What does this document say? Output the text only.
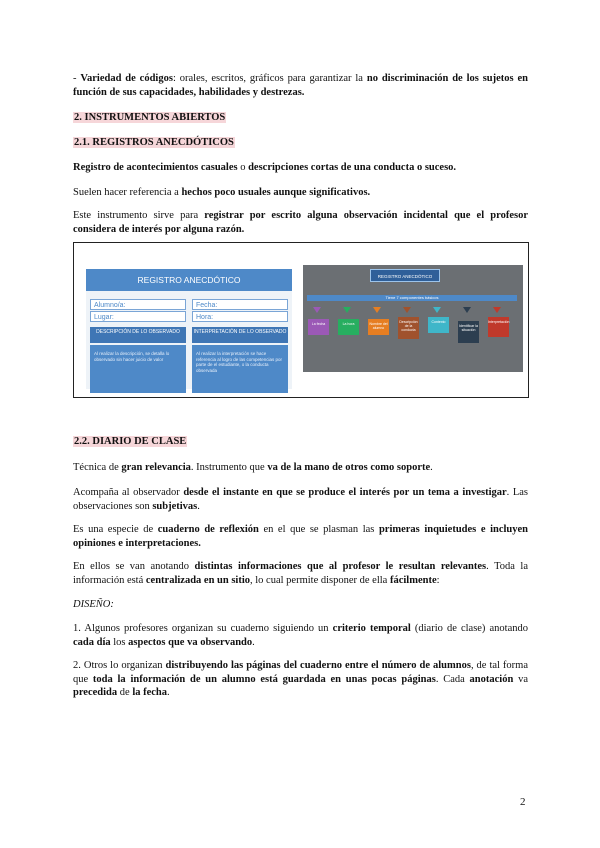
- Variedad de códigos: orales, escritos, gráficos para garantizar la no discriminación de los sujetos en función de sus capacidades, habilidades y destrezas.
2. INSTRUMENTOS ABIERTOS
2.1. REGISTROS ANECDÓTICOS
Registro de acontecimientos casuales o descripciones cortas de una conducta o suceso.
Suelen hacer referencia a hechos poco usuales aunque significativos.
Este instrumento sirve para registrar por escrito alguna observación incidental que el profesor considera de interés por alguna razón.
REGISTRO ANECDÓTICO
Alumno/a:	Fecha:
Lugar:	Hora:
DESCRIPCIÓN DE LO OBSERVADO	INTERPRETACIÓN DE LO OBSERVADO
Al realizar la descripción, se detalla lo observado sin hacer juicio de valor
Al realizar la interpretación se hace referencia al logro de las competencias por parte de el estudiante, o la conducta observada
REGISTRO ANECDÓTICO
Tiene 7 componentes básicos
La fecha	La hora	Nombre del alumno
Descripción de la conducta
Contexto
Identificar la situación
Interpretación
2.2. DIARIO DE CLASE
Técnica de gran relevancia. Instrumento que va de la mano de otros como soporte.
Acompaña al observador desde el instante en que se produce el interés por un tema a investigar. Las observaciones son subjetivas.
Es una especie de cuaderno de reflexión en el que se plasman las primeras inquietudes e incluyen opiniones e interpretaciones.
En ellos se van anotando distintas informaciones que al profesor le resultan relevantes. Toda la información está centralizada en un sitio, lo cual permite disponer de ella fácilmente:
DISEÑO:
1. Algunos profesores organizan su cuaderno siguiendo un criterio temporal (diario de clase) anotando cada día los aspectos que va observando.
2. Otros lo organizan distribuyendo las páginas del cuaderno entre el número de alumnos, de tal forma que toda la información de un alumno está guardada en unas pocas páginas. Cada anotación va precedida de la fecha.
2
